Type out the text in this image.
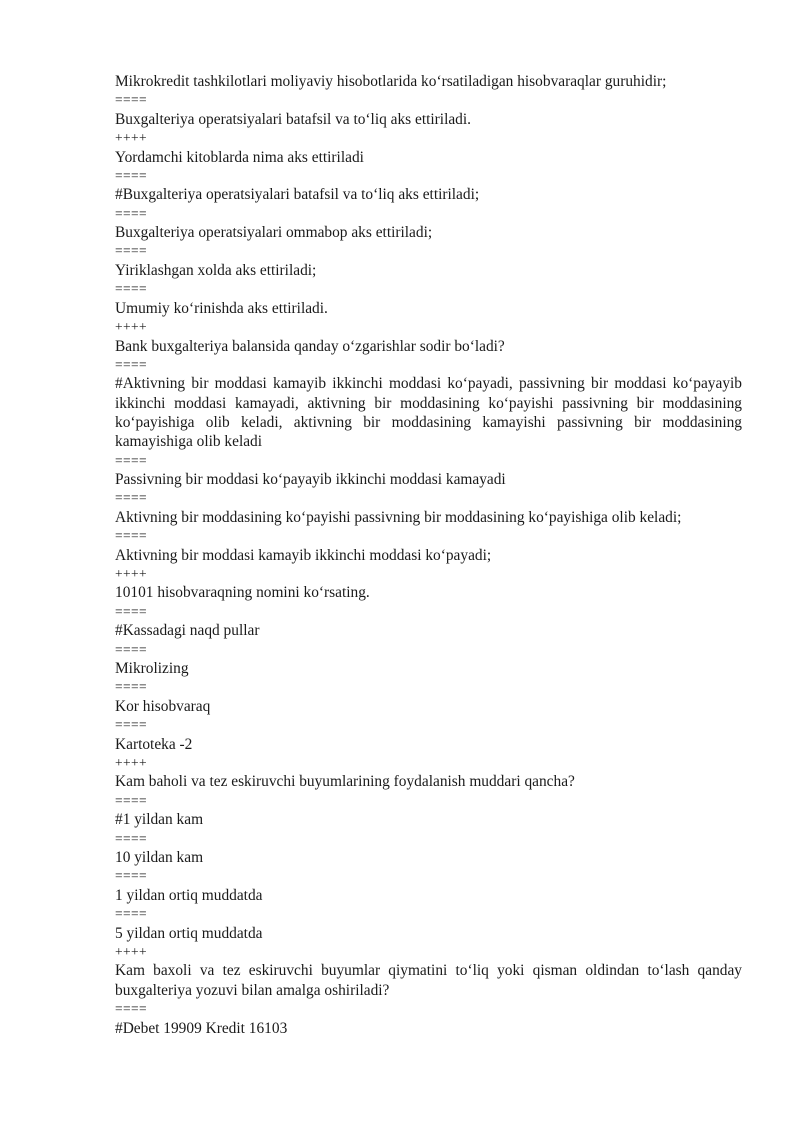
Mikrokredit tashkilotlari moliyaviy hisobotlarida ko‘rsatiladigan hisobvaraqlar guruhidir;

====

Buxgalteriya operatsiyalari batafsil va to‘liq aks ettiriladi.

++++

Yordamchi kitoblarda nima aks ettiriladi

====

#Buxgalteriya operatsiyalari batafsil va to‘liq aks ettiriladi;

====

Buxgalteriya operatsiyalari ommabop aks ettiriladi;

====

Yiriklashgan xolda aks ettiriladi;

====

Umumiy ko‘rinishda aks ettiriladi.

++++

Bank buxgalteriya balansida qanday o‘zgarishlar sodir bo‘ladi?

====

#Aktivning bir moddasi kamayib ikkinchi moddasi ko‘payadi, passivning bir moddasi ko‘payayib ikkinchi moddasi kamayadi, aktivning bir moddasining ko‘payishi passivning bir moddasining ko‘payishiga olib keladi, aktivning bir moddasining kamayishi passivning bir moddasining kamayishiga olib keladi

====

Passivning bir moddasi ko‘payayib ikkinchi moddasi kamayadi

====

Aktivning bir moddasining ko‘payishi passivning bir moddasining ko‘payishiga olib keladi;

====

Aktivning bir moddasi kamayib ikkinchi moddasi ko‘payadi;

++++

10101 hisobvaraqning nomini ko‘rsating.

====

#Kassadagi naqd pullar

====

Mikrolizing

====

Kor hisobvaraq

====

Kartoteka -2

++++

Kam baholi va tez eskiruvchi buyumlarining foydalanish muddari qancha?

====

#1 yildan kam

====

10 yildan kam

====

1 yildan ortiq muddatda

====

5 yildan ortiq muddatda

++++

Kam baxoli va tez eskiruvchi buyumlar qiymatini to‘liq yoki qisman oldindan to‘lash qanday buxgalteriya yozuvi bilan amalga oshiriladi?

====

#Debet 19909 Kredit 16103
